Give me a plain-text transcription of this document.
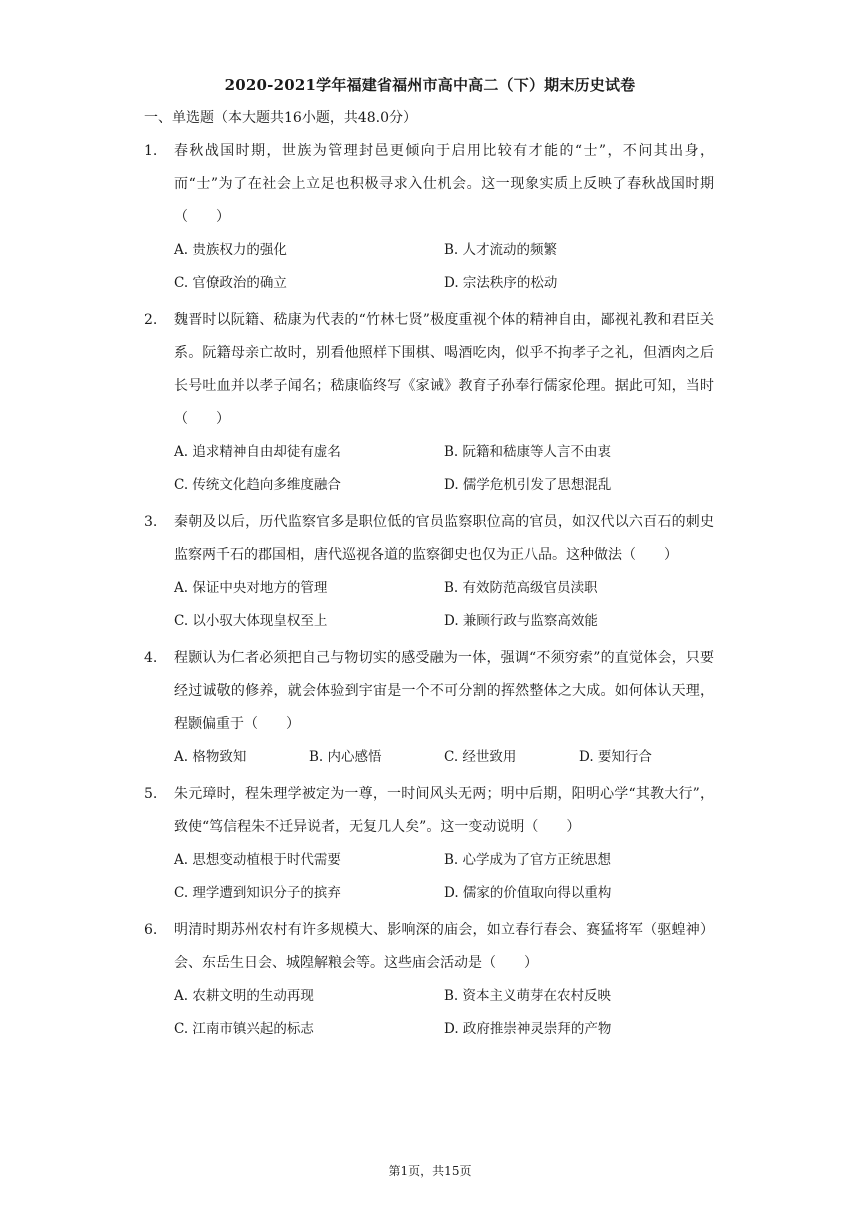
2020-2021学年福建省福州市高中高二（下）期末历史试卷
一、单选题（本大题共16小题，共48.0分）
1. 春秋战国时期，世族为管理封邑更倾向于启用比较有才能的“士”，不问其出身，而“士”为了在社会上立足也积极寻求入仕机会。这一现象实质上反映了春秋战国时期（　　）
A. 贵族权力的强化	B. 人才流动的频繁
C. 官僚政治的确立	D. 宗法秩序的松动
2. 魏晋时以阮籍、嵇康为代表的“竹林七贤”极度重视个体的精神自由，鄙视礼教和君臣关系。阮籍母亲亡故时，别看他照样下围棋、喝酒吃肉，似乎不拘孝子之礼，但酒肉之后长号吐血并以孝子闻名；嵇康临终写《家诫》教育子孙奉行儒家伦理。据此可知，当时（　　）
A. 追求精神自由却徒有虚名	B. 阮籍和嵇康等人言不由衷
C. 传统文化趋向多维度融合	D. 儒学危机引发了思想混乱
3. 秦朝及以后，历代监察官多是职位低的官员监察职位高的官员，如汉代以六百石的刺史监察两千石的郡国相，唐代巡视各道的监察御史也仅为正八品。这种做法（　　）
A. 保证中央对地方的管理	B. 有效防范高级官员渎职
C. 以小驭大体现皇权至上	D. 兼顾行政与监察高效能
4. 程颢认为仁者必须把自己与物切实的感受融为一体，强调“不须穷索”的直觉体会，只要经过诚敬的修养，就会体验到宇宙是一个不可分割的挥然整体之大成。如何体认天理，程颢偏重于（　　）
A. 格物致知	B. 内心感悟	C. 经世致用	D. 要知行合
5. 朱元璋时，程朱理学被定为一尊，一时间风头无两；明中后期，阳明心学“其教大行”，致使“笃信程朱不迁异说者，无复几人矣”。这一变动说明（　　）
A. 思想变动植根于时代需要	B. 心学成为了官方正统思想
C. 理学遭到知识分子的摈弃	D. 儒家的价值取向得以重构
6. 明清时期苏州农村有许多规模大、影响深的庙会，如立春行春会、赛猛将军（驱蝗神）会、东岳生日会、城隍解粮会等。这些庙会活动是（　　）
A. 农耕文明的生动再现	B. 资本主义萌芽在农村反映
C. 江南市镇兴起的标志	D. 政府推崇神灵崇拜的产物
第1页，共15页
